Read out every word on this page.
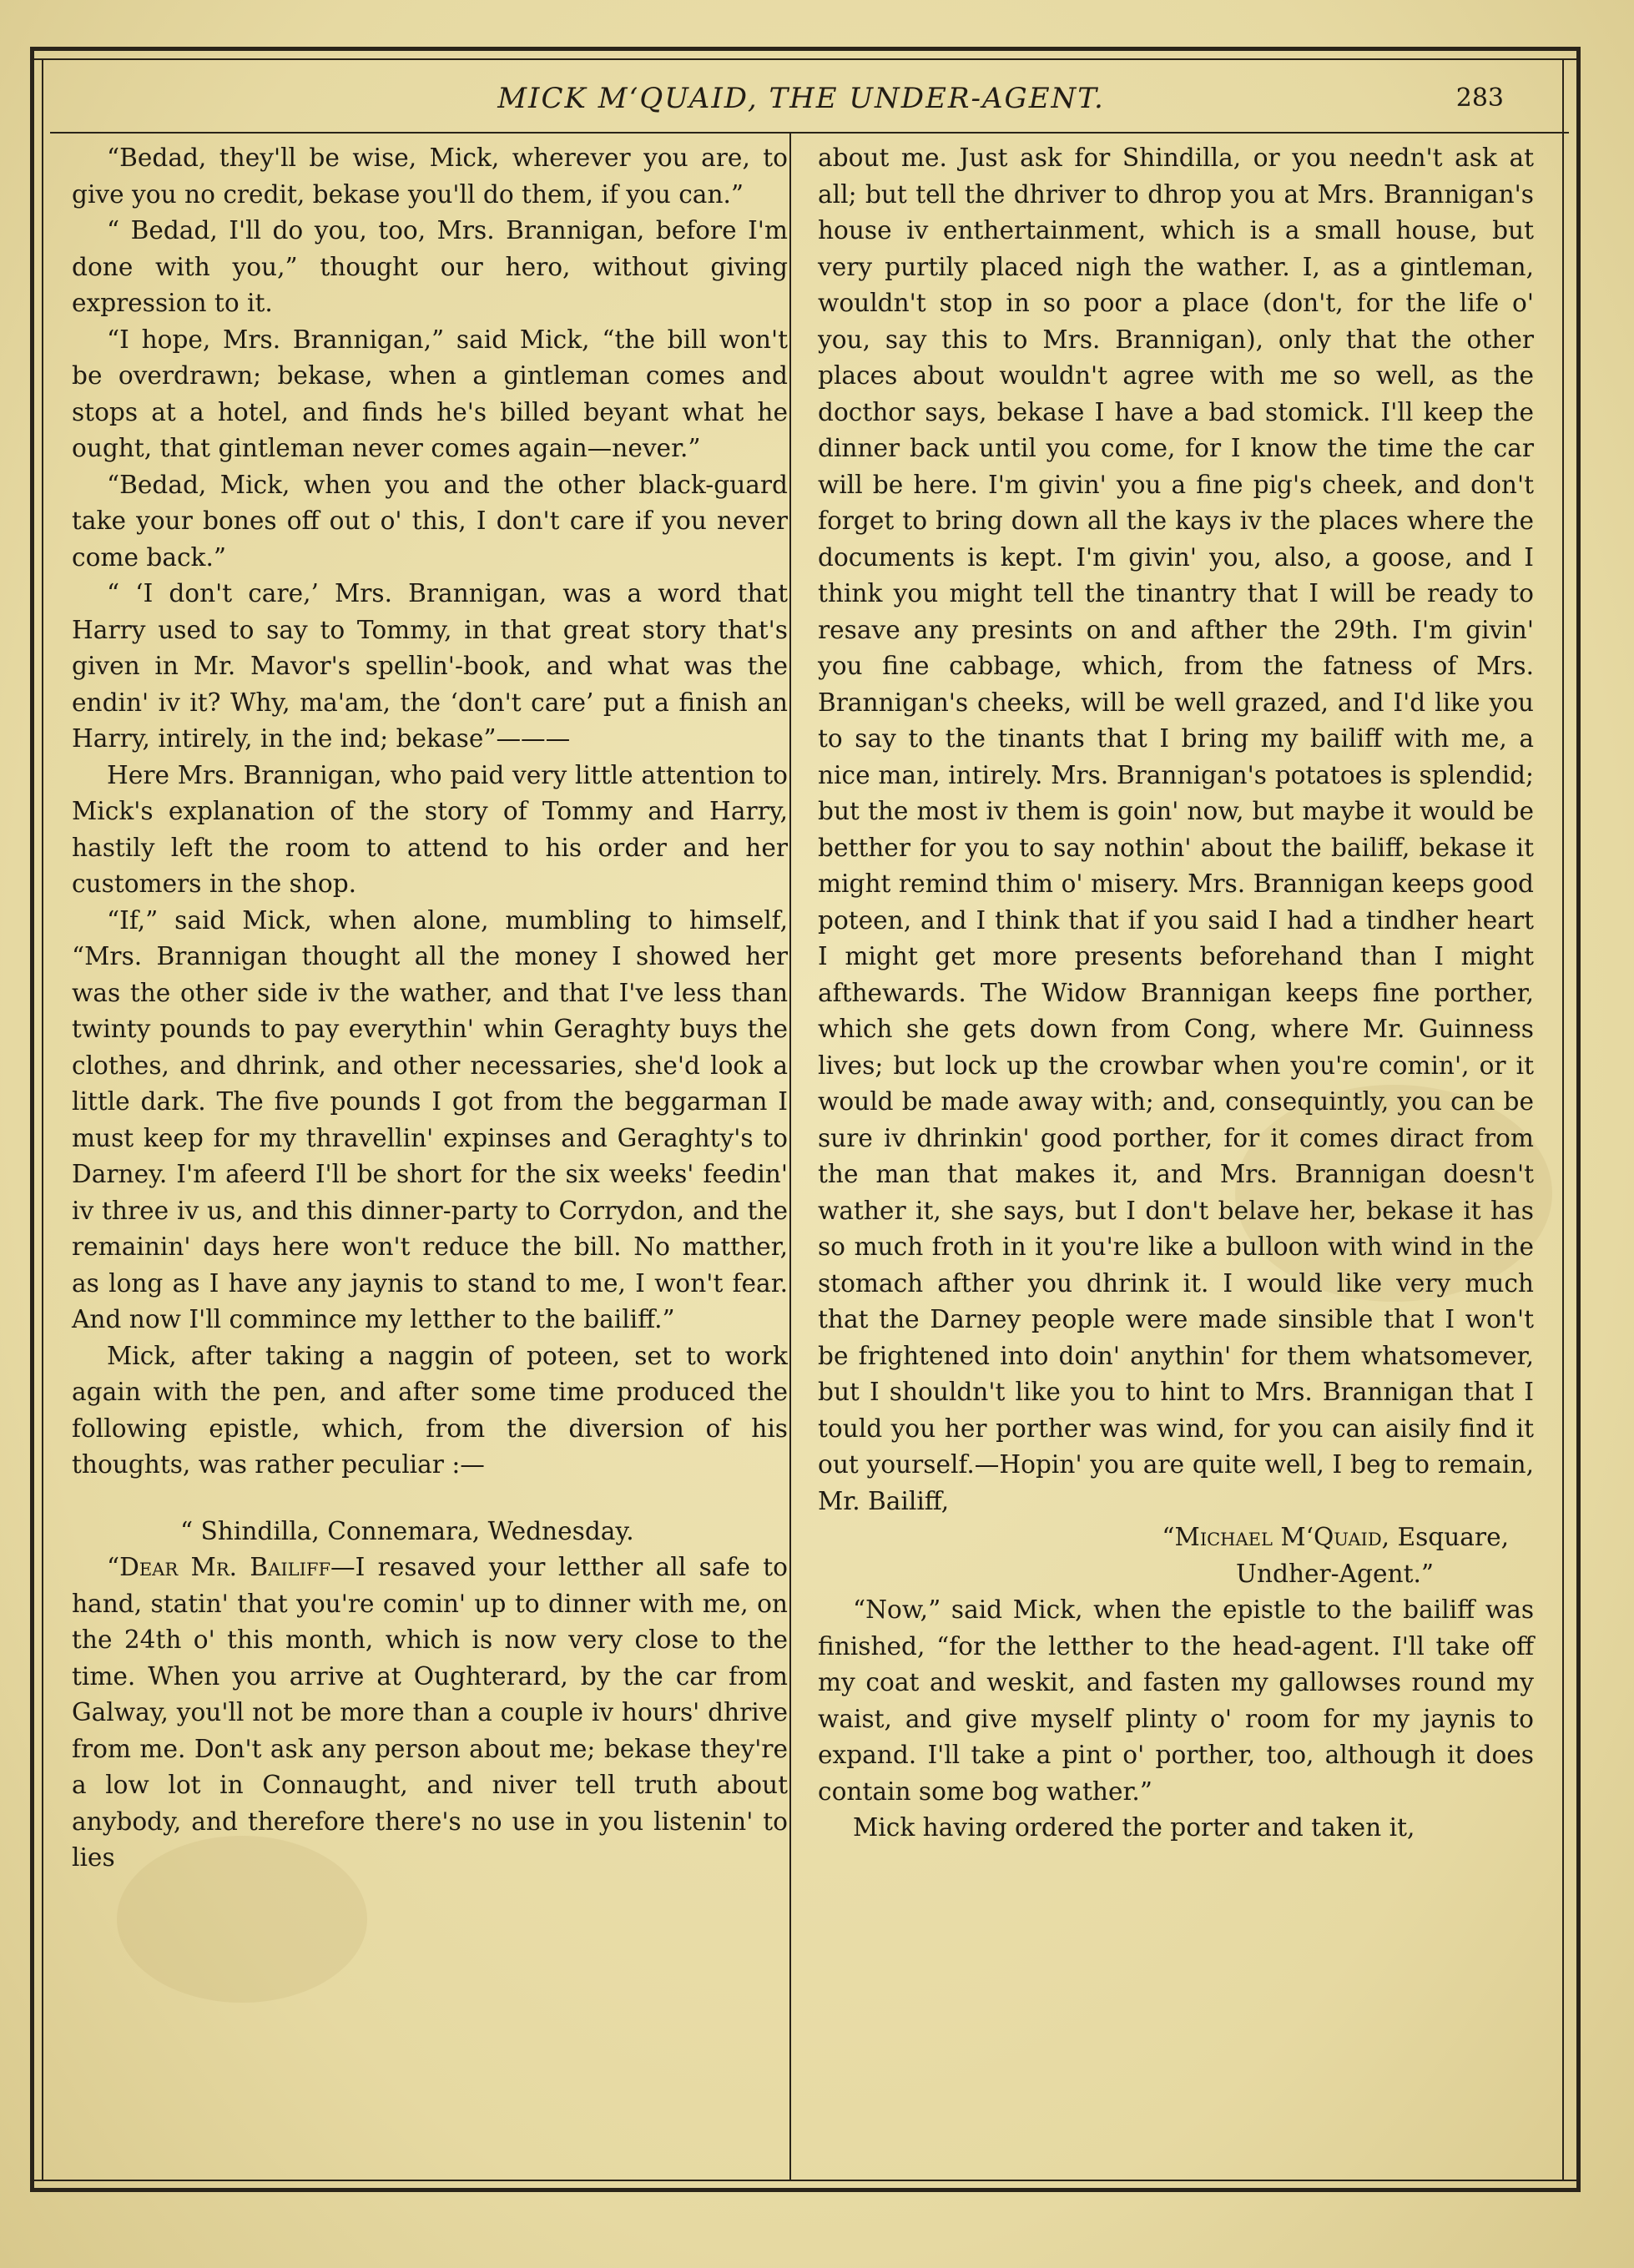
MICK M‘QUAID, THE UNDER-AGENT.	283

“Bedad, they'll be wise, Mick, wherever you are, to give you no credit, bekase you'll do them, if you can.”

“ Bedad, I'll do you, too, Mrs. Brannigan, before I'm done with you,” thought our hero, without giving expression to it.

“I hope, Mrs. Brannigan,” said Mick, “the bill won't be overdrawn; bekase, when a gintleman comes and stops at a hotel, and finds he's billed beyant what he ought, that gintleman never comes again—never.”

“Bedad, Mick, when you and the other black-guard take your bones off out o' this, I don't care if you never come back.”

“ ‘I don't care,’ Mrs. Brannigan, was a word that Harry used to say to Tommy, in that great story that's given in Mr. Mavor's spellin'-book, and what was the endin' iv it? Why, ma'am, the ‘don't care’ put a finish an Harry, intirely, in the ind; bekase”———

Here Mrs. Brannigan, who paid very little attention to Mick's explanation of the story of Tommy and Harry, hastily left the room to attend to his order and her customers in the shop.

“If,” said Mick, when alone, mumbling to himself, “Mrs. Brannigan thought all the money I showed her was the other side iv the wather, and that I've less than twinty pounds to pay everythin' whin Geraghty buys the clothes, and dhrink, and other necessaries, she'd look a little dark. The five pounds I got from the beggarman I must keep for my thravellin' expinses and Geraghty's to Darney. I'm afeerd I'll be short for the six weeks' feedin' iv three iv us, and this dinner-party to Corrydon, and the remainin' days here won't reduce the bill. No matther, as long as I have any jaynis to stand to me, I won't fear. And now I'll commince my letther to the bailiff.”

Mick, after taking a naggin of poteen, set to work again with the pen, and after some time produced the following epistle, which, from the diversion of his thoughts, was rather peculiar :—

“ Shindilla, Connemara, Wednesday.

“Dear Mr. Bailiff—I resaved your letther all safe to hand, statin' that you're comin' up to dinner with me, on the 24th o' this month, which is now very close to the time. When you arrive at Oughterard, by the car from Galway, you'll not be more than a couple iv hours' dhrive from me. Don't ask any person about me; bekase they're a low lot in Connaught, and niver tell truth about anybody, and therefore there's no use in you listenin' to lies

about me. Just ask for Shindilla, or you needn't ask at all; but tell the dhriver to dhrop you at Mrs. Brannigan's house iv enthertainment, which is a small house, but very purtily placed nigh the wather. I, as a gintleman, wouldn't stop in so poor a place (don't, for the life o' you, say this to Mrs. Brannigan), only that the other places about wouldn't agree with me so well, as the docthor says, bekase I have a bad stomick. I'll keep the dinner back until you come, for I know the time the car will be here. I'm givin' you a fine pig's cheek, and don't forget to bring down all the kays iv the places where the documents is kept. I'm givin' you, also, a goose, and I think you might tell the tinantry that I will be ready to resave any presints on and afther the 29th. I'm givin' you fine cabbage, which, from the fatness of Mrs. Brannigan's cheeks, will be well grazed, and I'd like you to say to the tinants that I bring my bailiff with me, a nice man, intirely. Mrs. Brannigan's potatoes is splendid; but the most iv them is goin' now, but maybe it would be betther for you to say nothin' about the bailiff, bekase it might remind thim o' misery. Mrs. Brannigan keeps good poteen, and I think that if you said I had a tindher heart I might get more presents beforehand than I might afthewards. The Widow Brannigan keeps fine porther, which she gets down from Cong, where Mr. Guinness lives; but lock up the crowbar when you're comin', or it would be made away with; and, consequintly, you can be sure iv dhrinkin' good porther, for it comes diract from the man that makes it, and Mrs. Brannigan doesn't wather it, she says, but I don't belave her, bekase it has so much froth in it you're like a bulloon with wind in the stomach afther you dhrink it. I would like very much that the Darney people were made sinsible that I won't be frightened into doin' anythin' for them whatsomever, but I shouldn't like you to hint to Mrs. Brannigan that I tould you her porther was wind, for you can aisily find it out yourself.—Hopin' you are quite well, I beg to remain, Mr. Bailiff,

“Michael M‘Quaid, Esquare,

Undher-Agent.”

“Now,” said Mick, when the epistle to the bailiff was finished, “for the letther to the head-agent. I'll take off my coat and weskit, and fasten my gallowses round my waist, and give myself plinty o' room for my jaynis to expand. I'll take a pint o' porther, too, although it does contain some bog wather.”

Mick having ordered the porter and taken it,
